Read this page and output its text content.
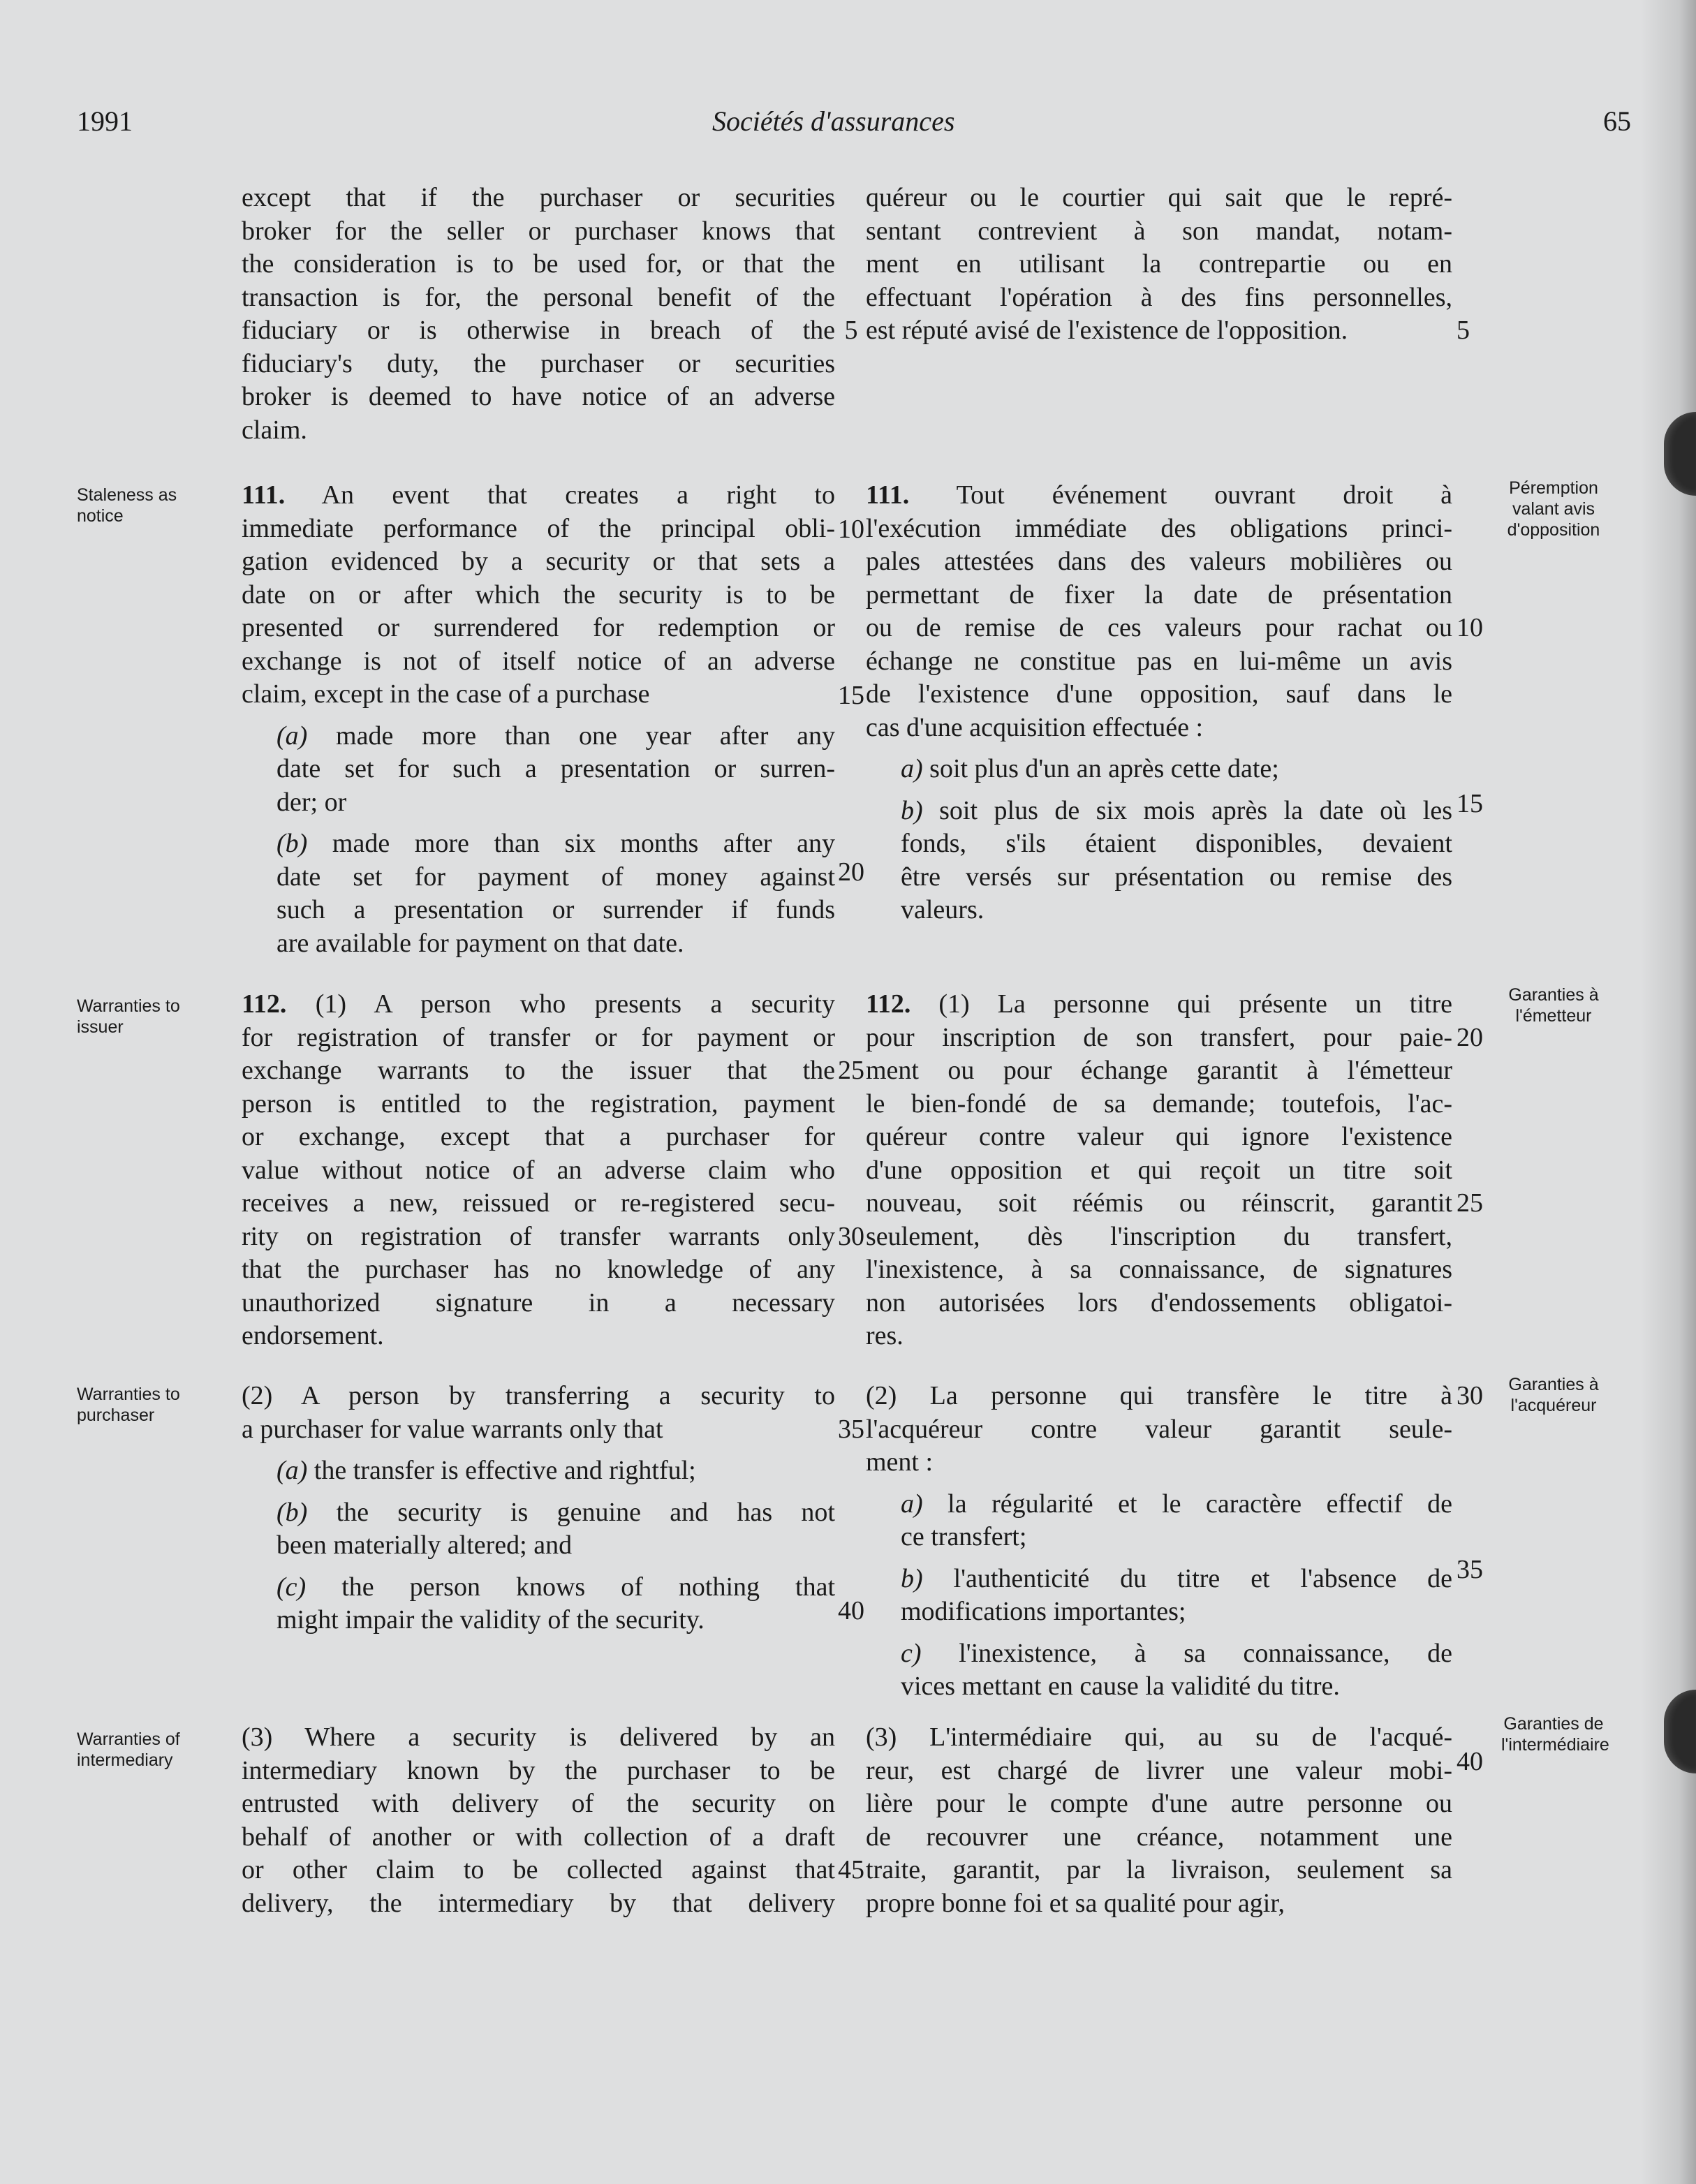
1991	Sociétés d'assurances	65
Staleness as notice
Warranties to issuer
Warranties to purchaser
Warranties of intermediary
Péremption valant avis d'opposition
Garanties à l'émetteur
Garanties à l'acquéreur
Garanties de l'intermédiaire

except that if the purchaser or securities
broker for the seller or purchaser knows that
the consideration is to be used for, or that the
transaction is for, the personal benefit of the
fiduciary or is otherwise in breach of the
fiduciary's duty, the purchaser or securities
broker is deemed to have notice of an adverse

claim.

111. An event that creates a right to
immediate performance of the principal obli-
gation evidenced by a security or that sets a
date on or after which the security is to be
presented or surrendered for redemption or
exchange is not of itself notice of an adverse

claim, except in the case of a purchase

(a) made more than one year after any
date set for such a presentation or surren-

der; or

(b) made more than six months after any
date set for payment of money against
such a presentation or surrender if funds

are available for payment on that date.

112. (1) A person who presents a security
for registration of transfer or for payment or
exchange warrants to the issuer that the
person is entitled to the registration, payment
or exchange, except that a purchaser for
value without notice of an adverse claim who
receives a new, reissued or re-registered secu-
rity on registration of transfer warrants only
that the purchaser has no knowledge of any
unauthorized signature in a necessary

endorsement.

(2) A person by transferring a security to

a purchaser for value warrants only that

(a) the transfer is effective and rightful;

(b) the security is genuine and has not

been materially altered; and

(c) the person knows of nothing that

might impair the validity of the security.

(3) Where a security is delivered by an
intermediary known by the purchaser to be
entrusted with delivery of the security on
behalf of another or with collection of a draft
or other claim to be collected against that
delivery, the intermediary by that delivery

quéreur ou le courtier qui sait que le repré-
sentant contrevient à son mandat, notam-
ment en utilisant la contrepartie ou en
effectuant l'opération à des fins personnelles,

est réputé avisé de l'existence de l'opposition.

111. Tout événement ouvrant droit à
l'exécution immédiate des obligations princi-
pales attestées dans des valeurs mobilières ou
permettant de fixer la date de présentation
ou de remise de ces valeurs pour rachat ou
échange ne constitue pas en lui-même un avis
de l'existence d'une opposition, sauf dans le

cas d'une acquisition effectuée :

a) soit plus d'un an après cette date;

b) soit plus de six mois après la date où les
fonds, s'ils étaient disponibles, devaient
être versés sur présentation ou remise des

valeurs.

112. (1) La personne qui présente un titre
pour inscription de son transfert, pour paie-
ment ou pour échange garantit à l'émetteur
le bien-fondé de sa demande; toutefois, l'ac-
quéreur contre valeur qui ignore l'existence
d'une opposition et qui reçoit un titre soit
nouveau, soit réémis ou réinscrit, garantit
seulement, dès l'inscription du transfert,
l'inexistence, à sa connaissance, de signatures
non autorisées lors d'endossements obligatoi-

res.

(2) La personne qui transfère le titre à
l'acquéreur contre valeur garantit seule-

ment :

a) la régularité et le caractère effectif de

ce transfert;

b) l'authenticité du titre et l'absence de

modifications importantes;

c) l'inexistence, à sa connaissance, de

vices mettant en cause la validité du titre.

(3) L'intermédiaire qui, au su de l'acqué-
reur, est chargé de livrer une valeur mobi-
lière pour le compte d'une autre personne ou
de recouvrer une créance, notamment une
traite, garantit, par la livraison, seulement sa

propre bonne foi et sa qualité pour agir,

5
10
15
20
25
30
35
40
45
5
10
15
20
25
30
35
40
